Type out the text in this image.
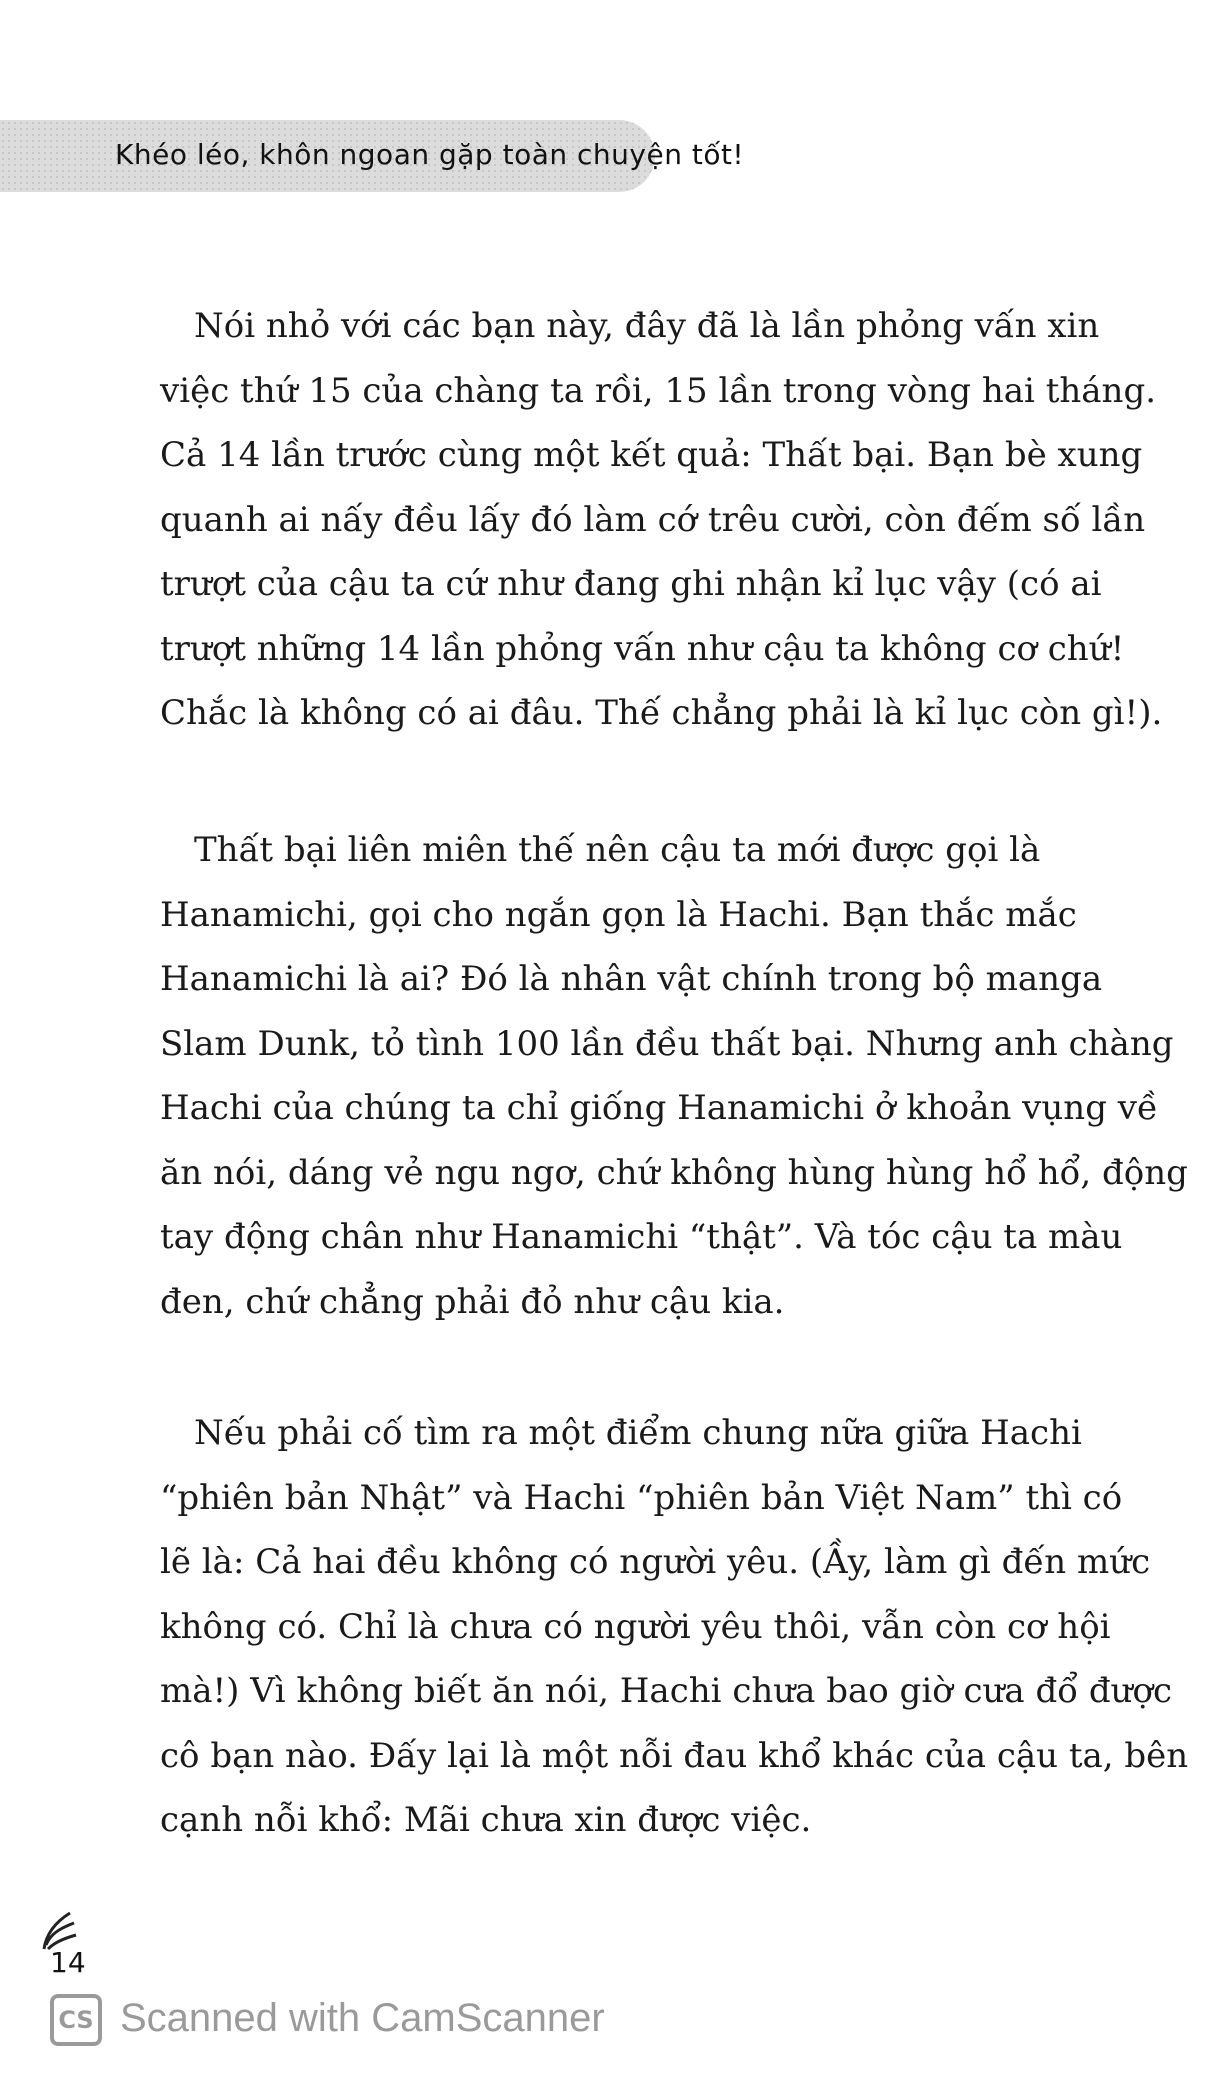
Khéo léo, khôn ngoan gặp toàn chuyện tốt!
Nói nhỏ với các bạn này, đây đã là lần phỏng vấn xin
việc thứ 15 của chàng ta rồi, 15 lần trong vòng hai tháng.
Cả 14 lần trước cùng một kết quả: Thất bại. Bạn bè xung
quanh ai nấy đều lấy đó làm cớ trêu cười, còn đếm số lần
trượt của cậu ta cứ như đang ghi nhận kỉ lục vậy (có ai
trượt những 14 lần phỏng vấn như cậu ta không cơ chứ!
Chắc là không có ai đâu. Thế chẳng phải là kỉ lục còn gì!).
Thất bại liên miên thế nên cậu ta mới được gọi là
Hanamichi, gọi cho ngắn gọn là Hachi. Bạn thắc mắc
Hanamichi là ai? Đó là nhân vật chính trong bộ manga
Slam Dunk, tỏ tình 100 lần đều thất bại. Nhưng anh chàng
Hachi của chúng ta chỉ giống Hanamichi ở khoản vụng về
ăn nói, dáng vẻ ngu ngơ, chứ không hùng hùng hổ hổ, động
tay động chân như Hanamichi “thật”. Và tóc cậu ta màu
đen, chứ chẳng phải đỏ như cậu kia.
Nếu phải cố tìm ra một điểm chung nữa giữa Hachi
“phiên bản Nhật” và Hachi “phiên bản Việt Nam” thì có
lẽ là: Cả hai đều không có người yêu. (Ầy, làm gì đến mức
không có. Chỉ là chưa có người yêu thôi, vẫn còn cơ hội
mà!) Vì không biết ăn nói, Hachi chưa bao giờ cưa đổ được
cô bạn nào. Đấy lại là một nỗi đau khổ khác của cậu ta, bên
cạnh nỗi khổ: Mãi chưa xin được việc.
14
CS Scanned with CamScanner
